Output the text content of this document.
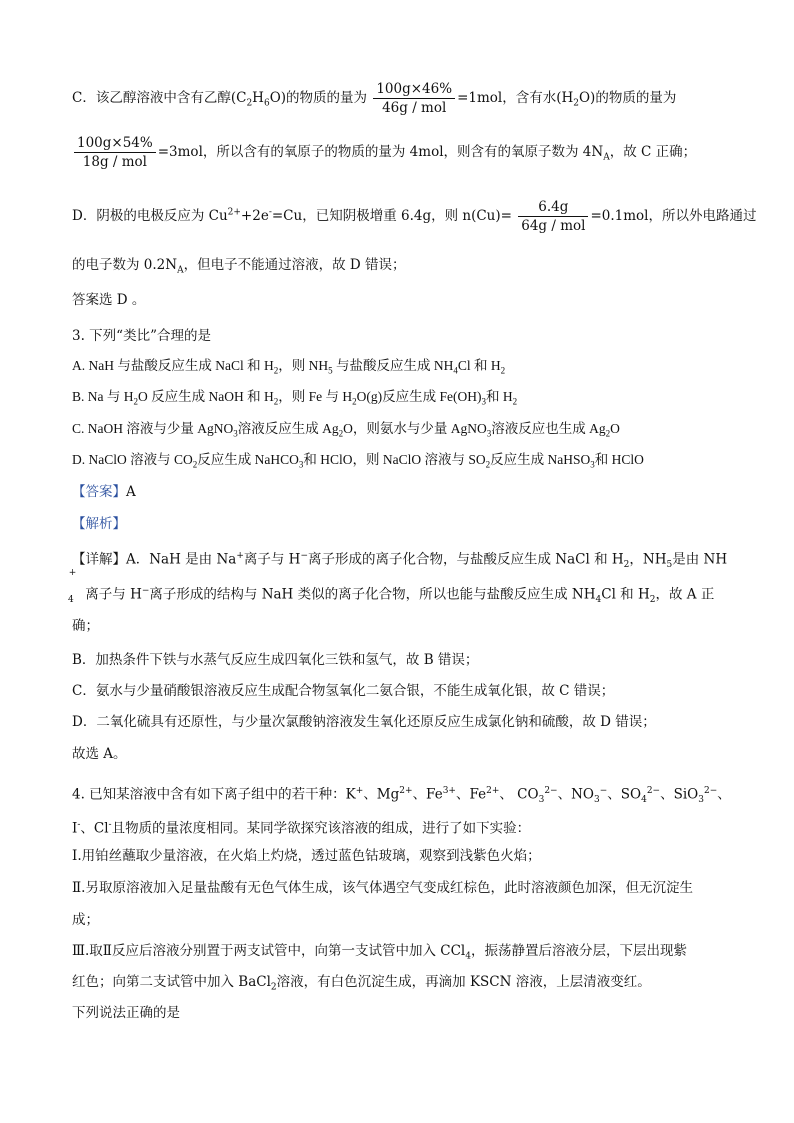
C．该乙醇溶液中含有乙醇$(C_2H_6O)$的物质的量为 $\frac{100g\times 46\%}{\text{46g / mol}} =1mol$，含有水$(H_2O)$的物质的量为
$\frac{100g\times 54\%}{\text{18g / mol}} =3mol$，所以含有的氧原子的物质的量为 4mol，则含有的氧原子数为 $4N_A$，故 C 正确；
D．阴极的电极反应为 $Cu^{2+}+2e^-=Cu$，已知阴极增重 6.4g，则 $n(Cu)= \frac{6.4g}{\text{64g / mol}} =0.1mol$，所以外电路通过
的电子数为 $0.2N_A$，但电子不能通过溶液，故 D 错误；
答案选 D 。
3. 下列“类比”合理的是
A. NaH 与盐酸反应生成 NaCl 和 $H_2$，则 $NH_5$ 与盐酸反应生成 $NH_4Cl$ 和 $H_2$
B. Na 与 $H_2O$ 反应生成 NaOH 和 $H_2$，则 Fe 与 $H_2O(g)$反应生成 $Fe(OH)_3$和 $H_2$
C. NaOH 溶液与少量 AgNO$_3$溶液反应生成 $Ag_2O$，则氨水与少量 AgNO$_3$溶液反应也生成 $Ag_2O$
D. NaClO 溶液与 $CO_2$反应生成 NaHCO$_3$和 HClO，则 NaClO 溶液与 $SO_2$反应生成 NaHSO$_3$和 HClO
【答案】A
【解析】
【详解】A．NaH 是由 Na+离子与 H−离子形成的离子化合物，与盐酸反应生成 NaCl 和 $H_2$，$NH_5$是由 NH
$_4$+离子与 H−离子形成的结构与 NaH 类似的离子化合物，所以也能与盐酸反应生成 $NH_4Cl$ 和 $H_2$，故 A 正
确；
B．加热条件下铁与水蒸气反应生成四氧化三铁和氢气，故 B 错误；
C．氨水与少量硝酸银溶液反应生成配合物氢氧化二氨合银，不能生成氧化银，故 C 错误；
D．二氧化硫具有还原性，与少量次氯酸钠溶液发生氧化还原反应生成氯化钠和硫酸，故 D 错误；
故选 A。
4. 已知某溶液中含有如下离子组中的若干种：K+、$Mg^{2+}$、$Fe^{3+}$、$Fe^{2+}$、 $CO_3^{2-}$、$NO_3^-$、$SO_4^{2-}$、SiO$_3^{2-}$、
I-、Cl-且物质的量浓度相同。某同学欲探究该溶液的组成，进行了如下实验：
Ⅰ.用铂丝蘸取少量溶液，在火焰上灼烧，透过蓝色钴玻璃，观察到浅紫色火焰；
Ⅱ.另取原溶液加入足量盐酸有无色气体生成，该气体遇空气变成红棕色，此时溶液颜色加深，但无沉淀生
成；
Ⅲ.取Ⅱ反应后溶液分别置于两支试管中，向第一支试管中加入 CCl$_4$，振荡静置后溶液分层，下层出现紫
红色；向第二支试管中加入 BaCl$_2$溶液，有白色沉淀生成，再滴加 KSCN 溶液，上层清液变红。
下列说法正确的是
